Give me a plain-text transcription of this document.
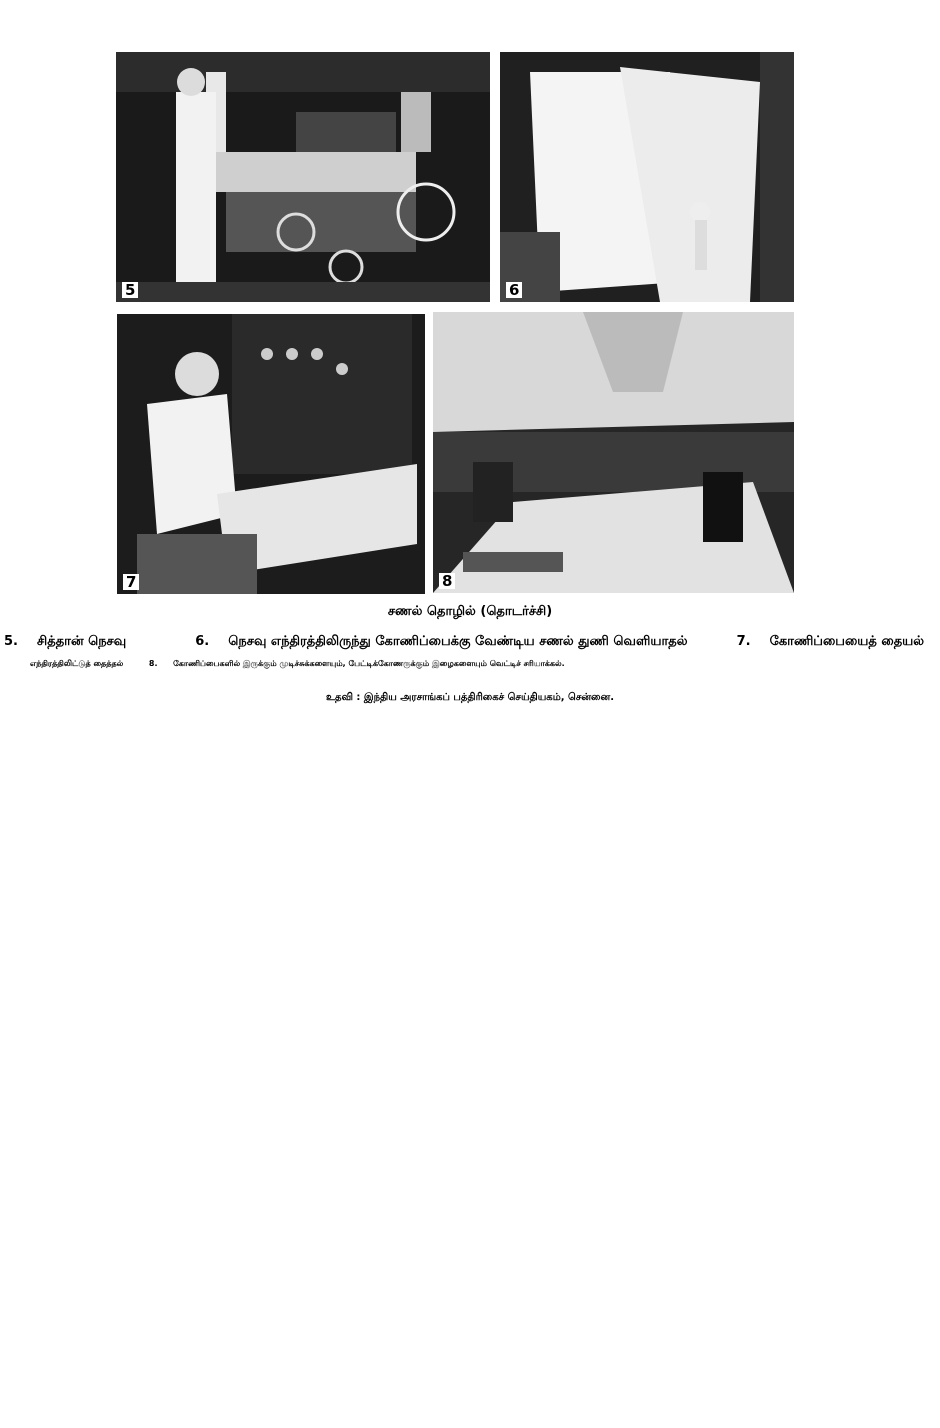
5	6
7	8
சணல் தொழில் (தொடர்ச்சி)
5. சித்தான் நெசவு	6. நெசவு எந்திரத்திலிருந்து கோணிப்பைக்கு வேண்டிய சணல் துணி வெளியாதல்	7. கோணிப்பையைத் தையல்
எந்திரத்திலிட்டுத் தைத்தல்	8. கோணிப்பைகளில் இருக்கும் முடிச்சுக்களையும், பேட்டிக்கோணருக்கும் இழைகளையும் வெட்டிச் சரியாக்கல்.
உதவி : இந்திய அரசாங்கப் பத்திரிகைச் செய்தியகம், சென்னை.
